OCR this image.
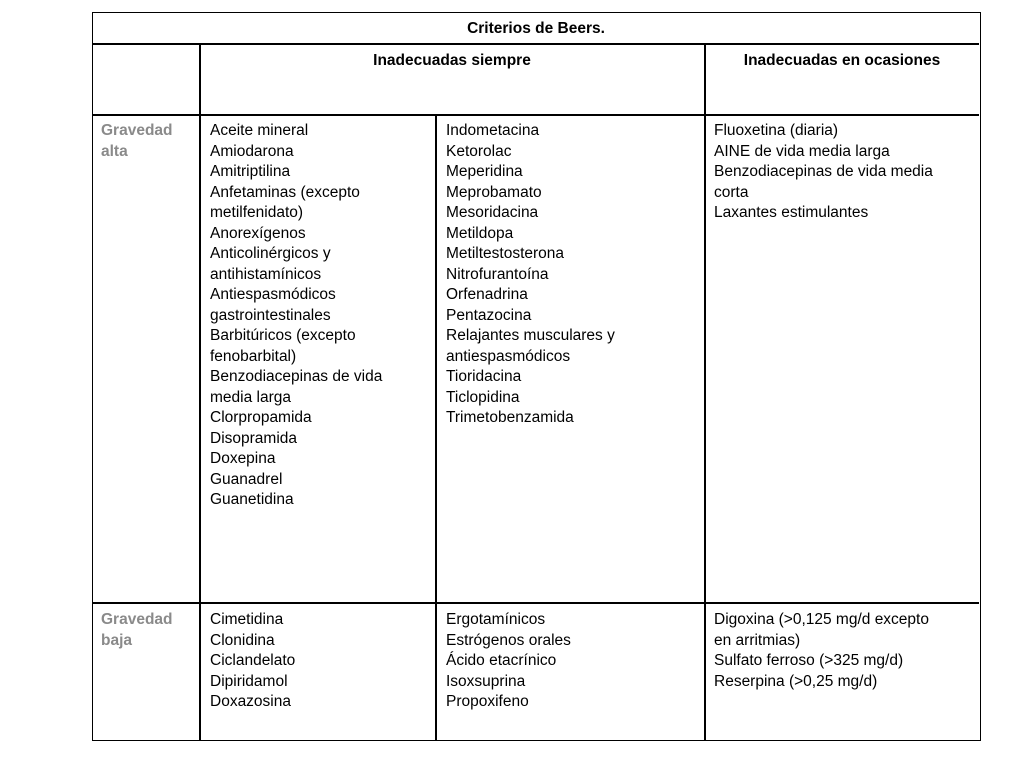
Criterios de Beers.
Inadecuadas siempre	Inadecuadas en ocasiones
Gravedad alta
Aceite mineral
Amiodarona
Amitriptilina
Anfetaminas (excepto
metilfenidato)
Anorexígenos
Anticolinérgicos y
antihistamínicos
Antiespasmódicos
gastrointestinales
Barbitúricos (excepto
fenobarbital)
Benzodiacepinas de vida
media larga
Clorpropamida
Disopramida
Doxepina
Guanadrel
Guanetidina
Indometacina
Ketorolac
Meperidina
Meprobamato
Mesoridacina
Metildopa
Metiltestosterona
Nitrofurantoína
Orfenadrina
Pentazocina
Relajantes musculares y
antiespasmódicos
Tioridacina
Ticlopidina
Trimetobenzamida
Fluoxetina (diaria)
AINE de vida media larga
Benzodiacepinas de vida media
corta
Laxantes estimulantes
Gravedad baja
Cimetidina
Clonidina
Ciclandelato
Dipiridamol
Doxazosina
Ergotamínicos
Estrógenos orales
Ácido etacrínico
Isoxsuprina
Propoxifeno
Digoxina (>0,125 mg/d excepto
en arritmias)
Sulfato ferroso (>325 mg/d)
Reserpina (>0,25 mg/d)
